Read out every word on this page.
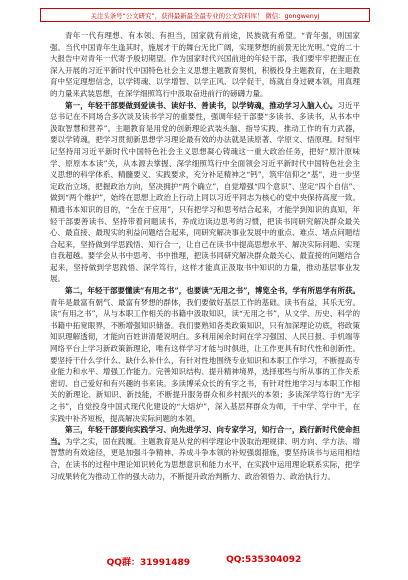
关注头条号“公文研究”，获得最新最全最专业的公文资料库！ 微信：gongwenyj

青年一代有理想、有本领、有担当，国家就有前途，民族就有希望。“青年强，则国家强。当代中国青年生逢其时，施展才干的舞台无比广阔，实现梦想的前景无比光明。”党的二十大报告中对青年一代寄予殷切期望。作为国家时代兴国前进的年轻干部，我们要牢牢把握正在深入开展的习近平新时代中国特色社会主义思想主题教育契机，积极投身主题教育，在主题教育中坚定理想信念，以学铸魂、以学增智、以学正风、以学促干，练就自身过硬本领，用真理的力量来武装思想，在深学细照笃行中汲取奋进前行的磅礴力量。

第一，年轻干部要做到爱读书、读好书、善读书，以学铸魂，推动学习入脑入心。习近平总书记在不同场合多次谈及读书学习的重要性，强调年轻干部要“多读书、多读书，从书本中汲取智慧和营养”。主题教育是用党的创新理论武装头脑、指导实践、推动工作的有力武器，要以学铸魂，把学习贯彻新思想学习理论最有效的办法就是读原著、学原文、悟原理。时刻牢记坚持用习近平新时代中国特色社会主义思想凝心铸魂这一重大政治任务，把好“原汁原味学、原原本本读”关，从本源去掌握、深学细照笃行中全面领会习近平新时代中国特色社会主义思想的科学体系、精髓要义、实践要求，充分补足精神之“钙”，筑牢信仰之“基”，进一步坚定政治立场，把握政治方向，坚决拥护“两个确立”，自觉增强“四个意识”、坚定“四个自信”、做到“两个维护”，始终在思想上政治上行动上同以习近平同志为核心的党中央保持高度一致。精通书本知识的目的，“全在于应用”，只有把学习和思考结合起来，才能学到知识的真知，年轻干部要善读书、坚持带着问题读书，养成边读边思考的习惯，把读书同研究解决群众最关心、最直接、最现实的利益问题结合起来，同研究解决事业发展中的重点、难点、堵点问题结合起来，坚持做到学思践悟、知行合一，让自己在读书中提高思想水平、解决实际问题、实现自我超越。要学会从书中思考、书中推理，把读书同研究解决群众最关心、最直接的问题结合起来，坚持做到学思践悟、深学笃行，这样才能真正汲取书中知识的力量，推动基层事业发展。

第二，年轻干部要懂读“有用之书”，也要读“无用之书”，博览全书，学有所思学有所获。青年是最富有朝气、最富有梦想的群体，我们要做好基层工作的基础。读书有益，其乐无穷。读“有用之书”，从与本职工作相关的书籍中汲取知识，读“无用之书”，从文学、历史、科学的书籍中拓宽眼界，不断增强知识储备。我们要熟知各类政策知识，只有加深理论功底，将政策知识理解透彻，才能向百姓讲清楚说明白。多利用闲余时间在学习强国、人民日报、手机端等网络平台上学习新政策新理论，唯有这样学习才能与时俱进，让工作更具有时代性和创新性。要坚持干什么学什么、缺什么补什么，有针对性地围绕专业知识和本职工作学习，不断提高专业能力和水平、增强工作能力。完善知识结构、提升精神境界，选择那些与所从事的工作关系密切、自己爱好和有兴趣的书来读。多读博采众长的有字之书，有针对性地学习与本职工作相关的新理论、新知识、新技能，不断提升服务群众和乡村振兴的本领；多读深学笃行的“无字之书”，自觉投身中国式现代化建设的“大熔炉”，深入基层拜群众为师，干中学、学中干，在实践中补齐短板，提高解决实际问题的本领。

第三，年轻干部要向实践学习、向先进学习、向专家学习，知行合一，践行新时代使命担当。为学之实，固在践履。主题教育是从党的科学理论中汲取治理规律、明方向、学方法、增智慧的有效途径，更是加强斗争精神、养成斗争本领的补短强弱措施，要坚持读书与运用相结合，在读书的过程中理论知识转化为思想意识和能力水平，在实践中运用理论联系实际，把学习成果转化为推动工作的强大动力，不断提升政治判断力、政治领悟力、政治执行力。

QQ群：31991489	QQ:535304092
